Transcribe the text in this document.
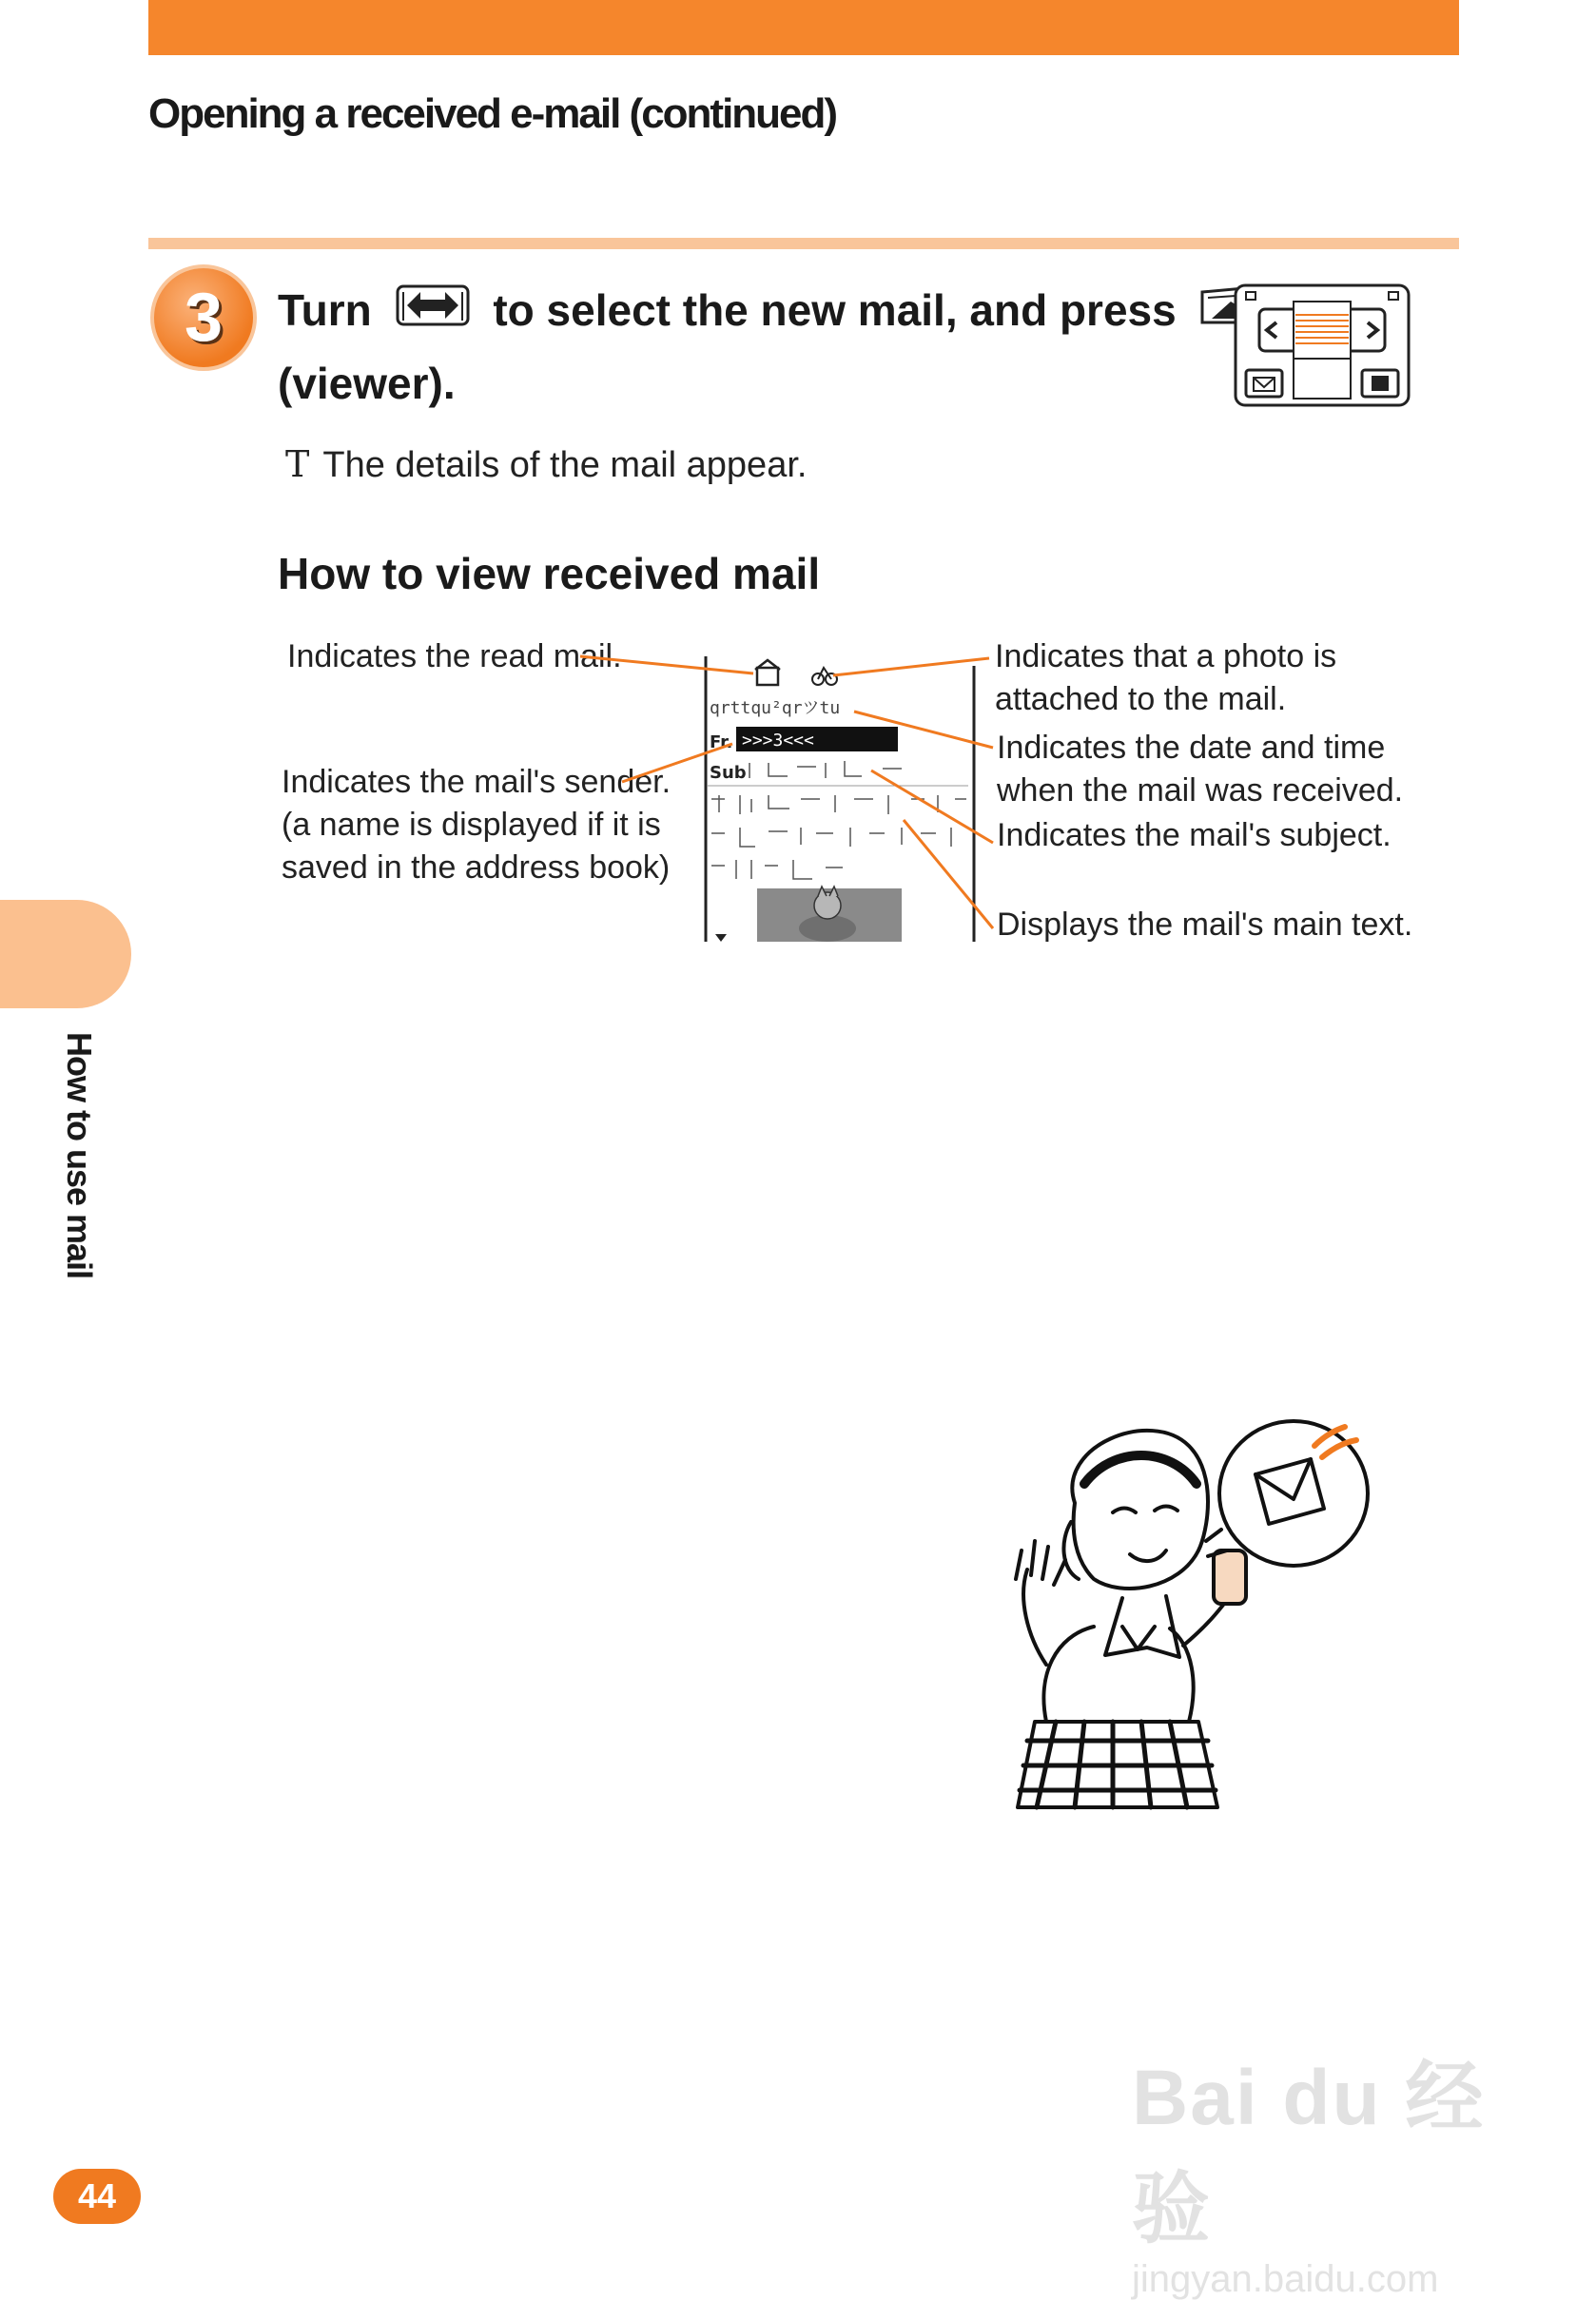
Opening a received e-mail (continued)
3	Turn	to select the new mail, and press
(viewer).
T The details of the mail appear.
How to view received mail
Indicates the read mail.
Indicates the mail's sender.
(a name is displayed if it is
saved in the address book)
Indicates that a photo is
attached to the mail.
Indicates the date and time
when the mail was received.
Indicates the mail's subject.
Displays the mail's main text.
qrttqu²qrツtu
Fr. >>>3<<<
Sub
How to use mail
44
Bai du 经验
jingyan.baidu.com
